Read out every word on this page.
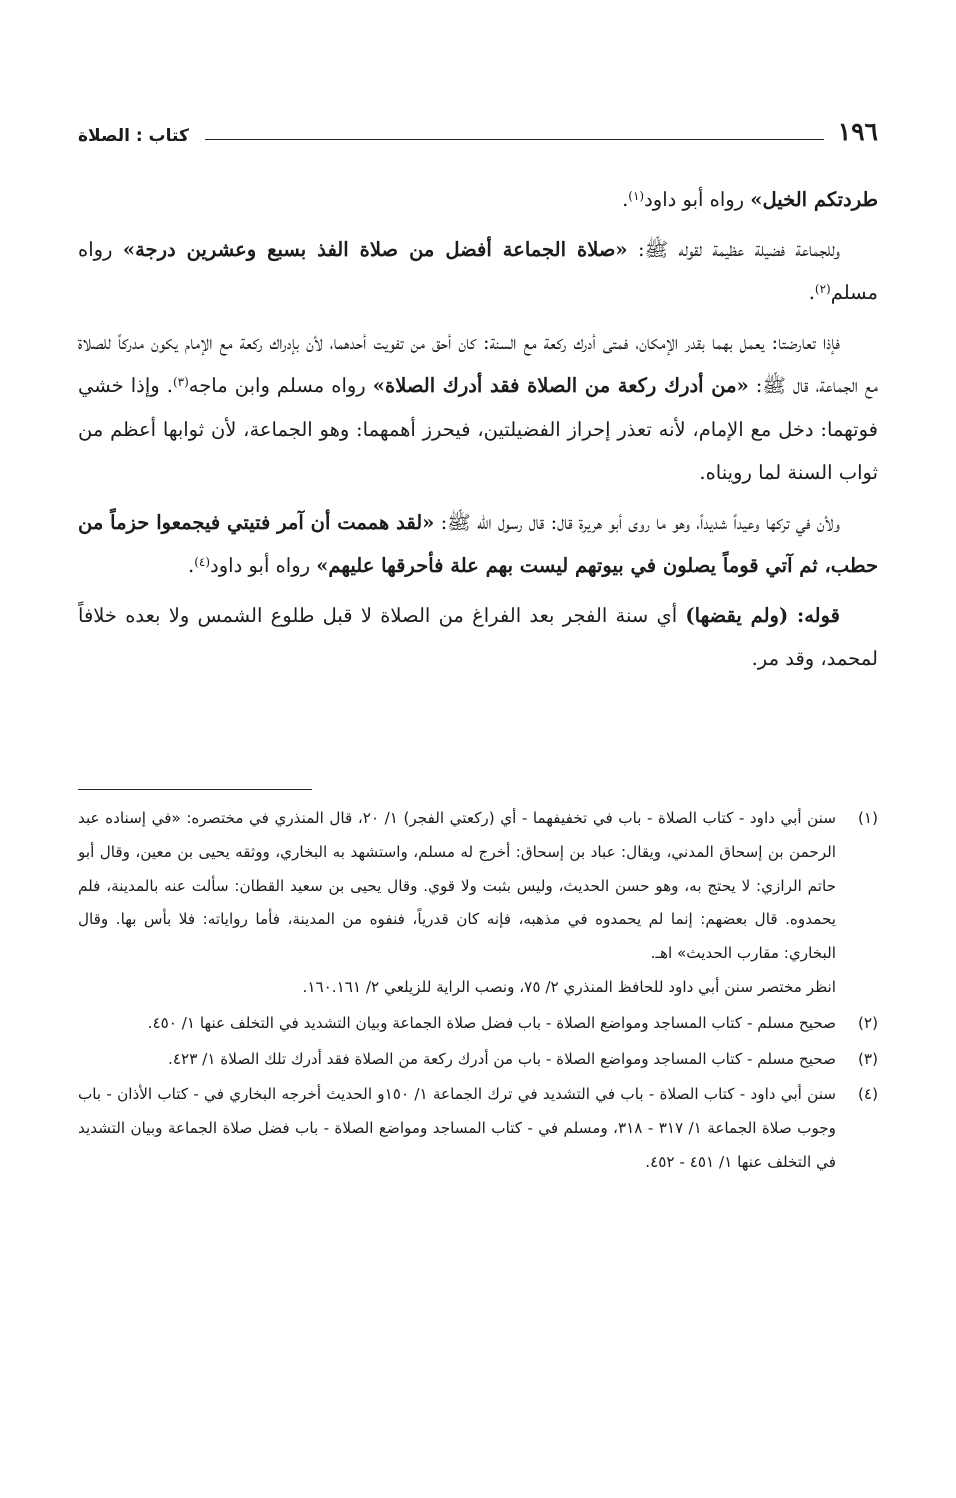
١٩٦
كتاب : الصلاة

طردتكم الخيل» رواه أبو داود$^{(١)}$.

وللجماعة فضيلة عظيمة لقوله ﷺ: «صلاة الجماعة أفضل من صلاة الفذ بسبع وعشرين درجة» رواه مسلم$^{(٢)}$.

فإذا تعارضتا: يعمل بهما بقدر الإمكان، فمتى أدرك ركعة مع السنة: كان أحق من تفويت أحدهما، لأن بإدراك ركعة مع الإمام يكون مدركاً للصلاة مع الجماعة، قال ﷺ: «من أدرك ركعة من الصلاة فقد أدرك الصلاة» رواه مسلم وابن ماجه$^{(٣)}$. وإذا خشي فوتهما: دخل مع الإمام، لأنه تعذر إحراز الفضيلتين، فيحرز أهمهما: وهو الجماعة، لأن ثوابها أعظم من ثواب السنة لما رويناه.

ولأن في تركها وعيداً شديداً، وهو ما روى أبو هريرة قال: قال رسول الله ﷺ: «لقد هممت أن آمر فتيتي فيجمعوا حزماً من حطب، ثم آتي قوماً يصلون في بيوتهم ليست بهم علة فأحرقها عليهم» رواه أبو داود$^{(٤)}$.

قوله: (ولم يقضها) أي سنة الفجر بعد الفراغ من الصلاة لا قبل طلوع الشمس ولا بعده خلافاً لمحمد، وقد مر.

(١)
سنن أبي داود - كتاب الصلاة - باب في تخفيفهما - أي (ركعتي الفجر) ١/ ٢٠، قال المنذري في مختصره: «في إسناده عبد الرحمن بن إسحاق المدني، ويقال: عباد بن إسحاق: أخرج له مسلم، واستشهد به البخاري، ووثقه يحيى بن معين، وقال أبو حاتم الرازي: لا يحتج به، وهو حسن الحديث، وليس بثبت ولا قوي. وقال يحيى بن سعيد القطان: سألت عنه بالمدينة، فلم يحمدوه. قال بعضهم: إنما لم يحمدوه في مذهبه، فإنه كان قدرياً، فنفوه من المدينة، فأما رواياته: فلا بأس بها. وقال البخاري: مقارب الحديث» اهـ.
انظر مختصر سنن أبي داود للحافظ المنذري ٢/ ٧٥، ونصب الراية للزيلعي ٢/ ١٦٠.١٦١.
(٢)
صحيح مسلم - كتاب المساجد ومواضع الصلاة - باب فضل صلاة الجماعة وبيان التشديد في التخلف عنها ١/ ٤٥٠.
(٣)
صحيح مسلم - كتاب المساجد ومواضع الصلاة - باب من أدرك ركعة من الصلاة فقد أدرك تلك الصلاة ١/ ٤٢٣.
(٤)
سنن أبي داود - كتاب الصلاة - باب في التشديد في ترك الجماعة ١/ ١٥٠و الحديث أخرجه البخاري في - كتاب الأذان - باب وجوب صلاة الجماعة ١/ ٣١٧ - ٣١٨، ومسلم في - كتاب المساجد ومواضع الصلاة - باب فضل صلاة الجماعة وبيان التشديد في التخلف عنها ١/ ٤٥١ - ٤٥٢.
